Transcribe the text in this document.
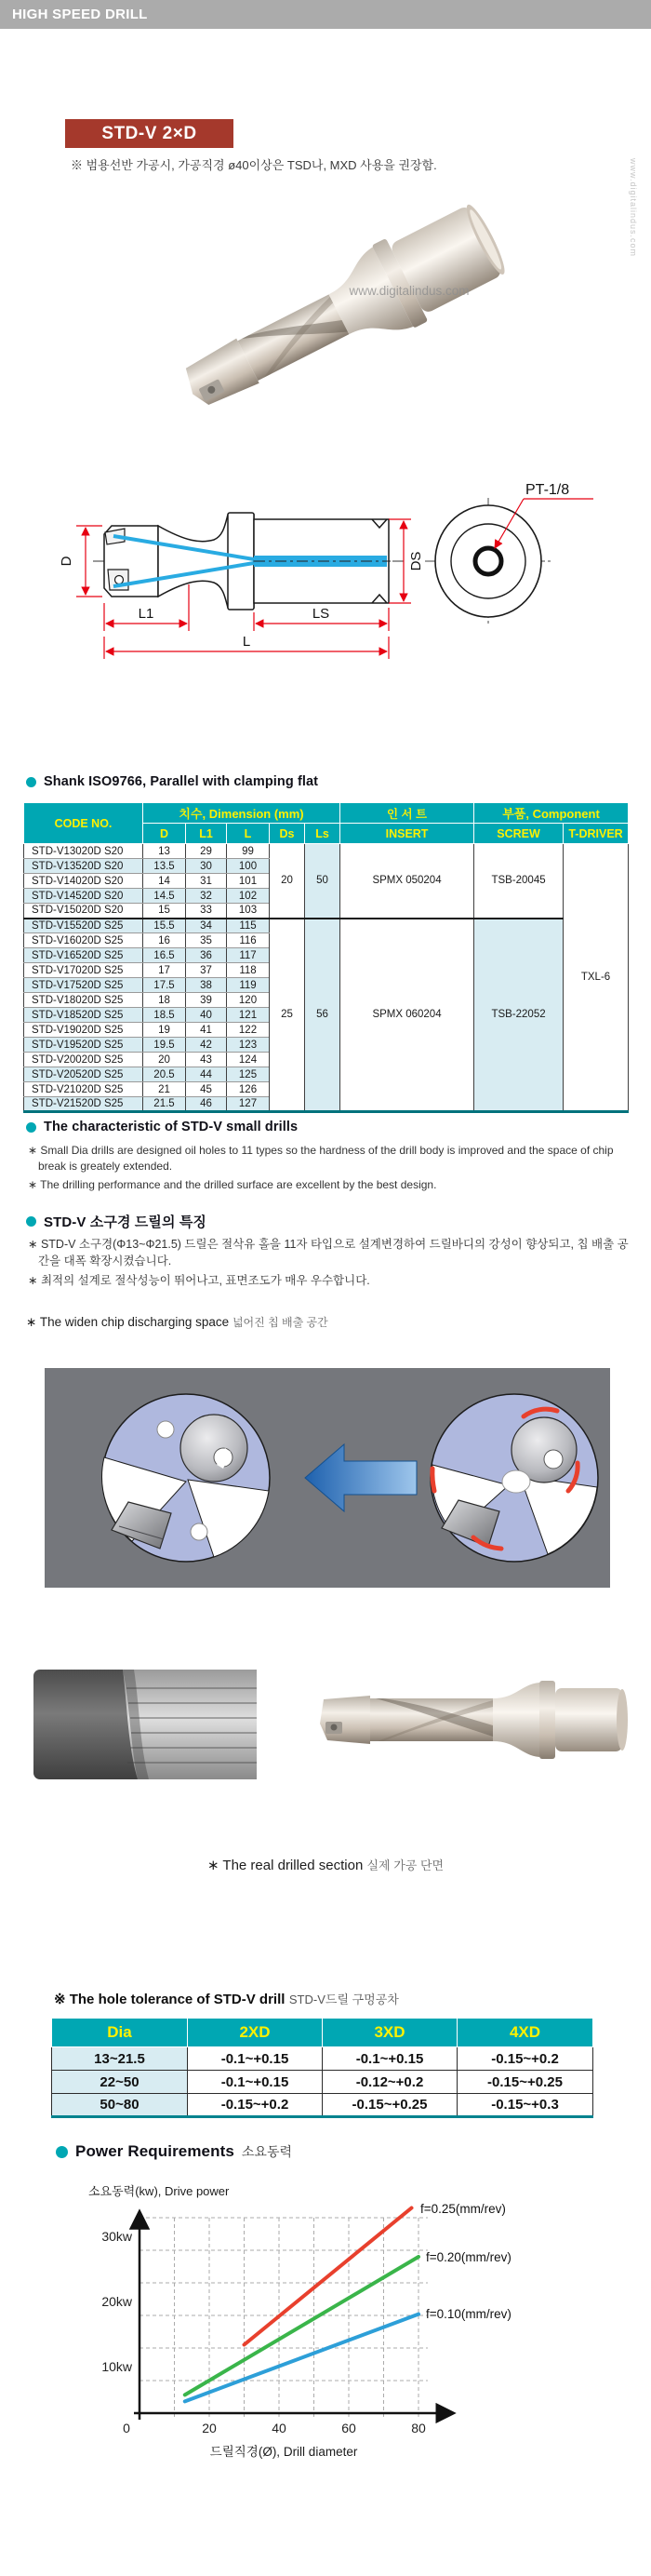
HIGH SPEED DRILL
STD-V 2×D
※ 범용선반 가공시, 가공직경 ø40이상은 TSD나, MXD 사용을 권장함.	www.digitalindus.com
www.digitalindus.com
D
L1	LS
L
DS
PT-1/8
Shank ISO9766, Parallel with clamping flat
CODE NO.	치수, Dimension (mm)					인 서 트	부품, Component	
	D	L1	L	Ds	Ls	INSERT	SCREW	T-DRIVER
STD-V13020D S20	13	29	99	20	50	SPMX 050204	TSB-20045	TXL-6
STD-V13520D S20	13.5	30	100					
STD-V14020D S20	14	31	101					
STD-V14520D S20	14.5	32	102					
STD-V15020D S20	15	33	103					
STD-V15520D S25	15.5	34	115	25	56	SPMX 060204	TSB-22052	
STD-V16020D S25	16	35	116					
STD-V16520D S25	16.5	36	117					
STD-V17020D S25	17	37	118					
STD-V17520D S25	17.5	38	119					
STD-V18020D S25	18	39	120					
STD-V18520D S25	18.5	40	121					
STD-V19020D S25	19	41	122					
STD-V19520D S25	19.5	42	123					
STD-V20020D S25	20	43	124					
STD-V20520D S25	20.5	44	125					
STD-V21020D S25	21	45	126					
STD-V21520D S25	21.5	46	127					
The characteristic of STD-V small drills
∗ Small Dia drills are designed oil holes to 11 types so the hardness of the drill body is improved and the space of chip break is greately extended.
∗ The drilling performance and the drilled surface are excellent by the best design.
STD-V 소구경 드릴의 특징
∗ STD-V 소구경(Φ13~Φ21.5) 드릴은 절삭유 홀을 11자 타입으로 설계변경하여 드릴바디의 강성이 향상되고, 칩 배출 공간을 대폭 확장시켰습니다.
∗ 최적의 설계로 절삭성능이 뛰어나고, 표면조도가 매우 우수합니다.
∗ The widen chip discharging space 넓어진 칩 배출 공간
∗ The real drilled section 실제 가공 단면
※ The hole tolerance of STD-V drill STD-V드릴 구멍공차
Dia	2XD	3XD	4XD
13~21.5	-0.1~+0.15	-0.1~+0.15	-0.15~+0.2
22~50	-0.1~+0.15	-0.12~+0.2	-0.15~+0.25
50~80	-0.15~+0.2	-0.15~+0.25	-0.15~+0.3
Power Requirements 소요동력
소요동력(kw), Drive power
30kw
20kw
10kw
0	20	40	60	80
f=0.25(mm/rev)
f=0.20(mm/rev)
f=0.10(mm/rev)
드릴직경(Ø), Drill diameter
